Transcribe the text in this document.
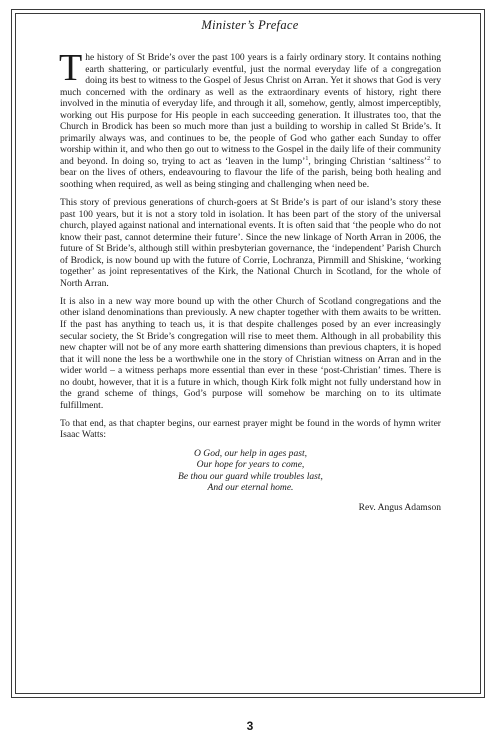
Minister’s Preface

The history of St Bride’s over the past 100 years is a fairly ordinary story. It contains nothing earth shattering, or particularly eventful, just the normal everyday life of a congregation doing its best to witness to the Gospel of Jesus Christ on Arran. Yet it shows that God is very much concerned with the ordinary as well as the extraordinary events of history, right there involved in the minutia of everyday life, and through it all, somehow, gently, almost imperceptibly, working out His purpose for His people in each succeeding generation. It illustrates too, that the Church in Brodick has been so much more than just a building to worship in called St Bride’s. It primarily always was, and continues to be, the people of God who gather each Sunday to offer worship within it, and who then go out to witness to the Gospel in the daily life of their community and beyond. In doing so, trying to act as ‘leaven in the lump’$^1$, bringing Christian ‘saltiness’$^2$ to bear on the lives of others, endeavouring to flavour the life of the parish, being both healing and soothing when required, as well as being stinging and challenging when need be.

This story of previous generations of church-goers at St Bride’s is part of our island’s story these past 100 years, but it is not a story told in isolation. It has been part of the story of the universal church, played against national and international events. It is often said that ‘the people who do not know their past, cannot determine their future’. Since the new linkage of North Arran in 2006, the future of St Bride’s, although still within presbyterian governance, the ‘independent’ Parish Church of Brodick, is now bound up with the future of Corrie, Lochranza, Pirnmill and Shiskine, ‘working together’ as joint representatives of the Kirk, the National Church in Scotland, for the whole of North Arran.

It is also in a new way more bound up with the other Church of Scotland congregations and the other island denominations than previously. A new chapter together with them awaits to be written. If the past has anything to teach us, it is that despite challenges posed by an ever increasingly secular society, the St Bride’s congregation will rise to meet them. Although in all probability this new chapter will not be of any more earth shattering dimensions than previous chapters, it is hoped that it will none the less be a worthwhile one in the story of Christian witness on Arran and in the wider world – a witness perhaps more essential than ever in these ‘post-Christian’ times. There is no doubt, however, that it is a future in which, though Kirk folk might not fully understand how in the grand scheme of things, God’s purpose will somehow be marching on to its ultimate fulfillment.

To that end, as that chapter begins, our earnest prayer might be found in the words of hymn writer Isaac Watts:

O God, our help in ages past,
Our hope for years to come,
Be thou our guard while troubles last,
And our eternal home.
Rev. Angus Adamson
3
